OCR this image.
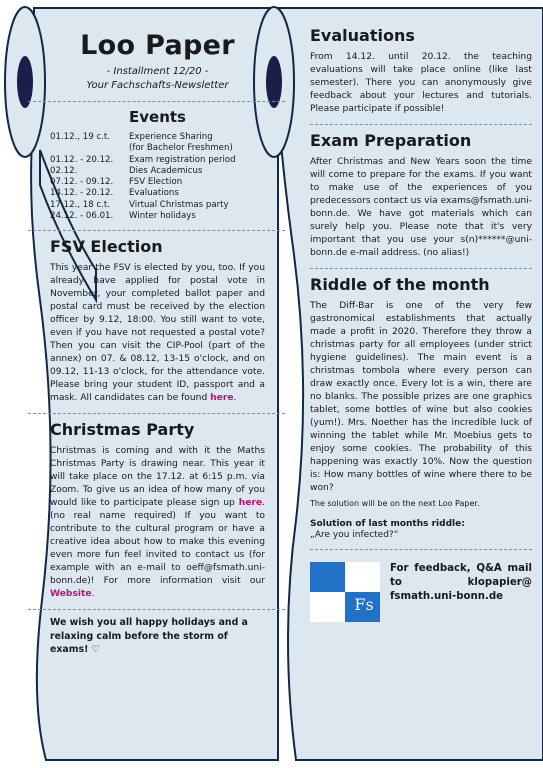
Loo Paper
- Installment 12/20 -
Your Fachschafts-Newsletter
Events
01.12., 19 c.t.	Experience Sharing
	(for Bachelor Freshmen)
01.12. - 20.12.	Exam registration period
02.12.	Dies Academicus
07.12. - 09.12.	FSV Election
14.12. - 20.12.	Evaluations
17.12., 18 c.t.	Virtual Christmas party
24.12. - 06.01.	Winter holidays
FSV Election
This year the FSV is elected by you, too. If you already have applied for postal vote in November, your completed ballot paper and postal card must be received by the election officer by 9.12, 18:00. You still want to vote, even if you have not requested a postal vote? Then you can visit the CIP-Pool (part of the annex) on 07. & 08.12, 13-15 o'clock, and on 09.12, 11-13 o'clock, for the attendance vote. Please bring your student ID, passport and a mask. All candidates can be found here.
Christmas Party
Christmas is coming and with it the Maths Christmas Party is drawing near. This year it will take place on the 17.12. at 6:15 p.m. via Zoom. To give us an idea of how many of you would like to participate please sign up here. (no real name required) If you want to contribute to the cultural program or have a creative idea about how to make this evening even more fun feel invited to contact us (for example with an e-mail to oeff@fsmath.uni-bonn.de)! For more information visit our Website.
We wish you all happy holidays and a relaxing calm before the storm of exams! ♡
Evaluations
From 14.12. until 20.12. the teaching evaluations will take place online (like last semester). There you can anonymously give feedback about your lectures and tutorials. Please participate if possible!
Exam Preparation
After Christmas and New Years soon the time will come to prepare for the exams. If you want to make use of the experiences of you predecessors contact us via exams@fsmath.uni-bonn.de. We have got materials which can surely help you. Please note that it's very important that you use your s(n)******@uni-bonn.de e-mail address. (no alias!)
Riddle of the month
The Diff-Bar is one of the very few gastronomical establishments that actually made a profit in 2020. Therefore they throw a christmas party for all employees (under strict hygiene guidelines). The main event is a christmas tombola where every person can draw exactly once. Every lot is a win, there are no blanks. The possible prizes are one graphics tablet, some bottles of wine but also cookies (yum!). Mrs. Noether has the incredible luck of winning the tablet while Mr. Moebius gets to enjoy some cookies. The probability of this happening was exactly 10%. Now the question is: How many bottles of wine where there to be won?
The solution will be on the next Loo Paper.
Solution of last months riddle:
„Are you infected?“
Fs
For feedback, Q&A mail to klopapier@ fsmath.uni-bonn.de
